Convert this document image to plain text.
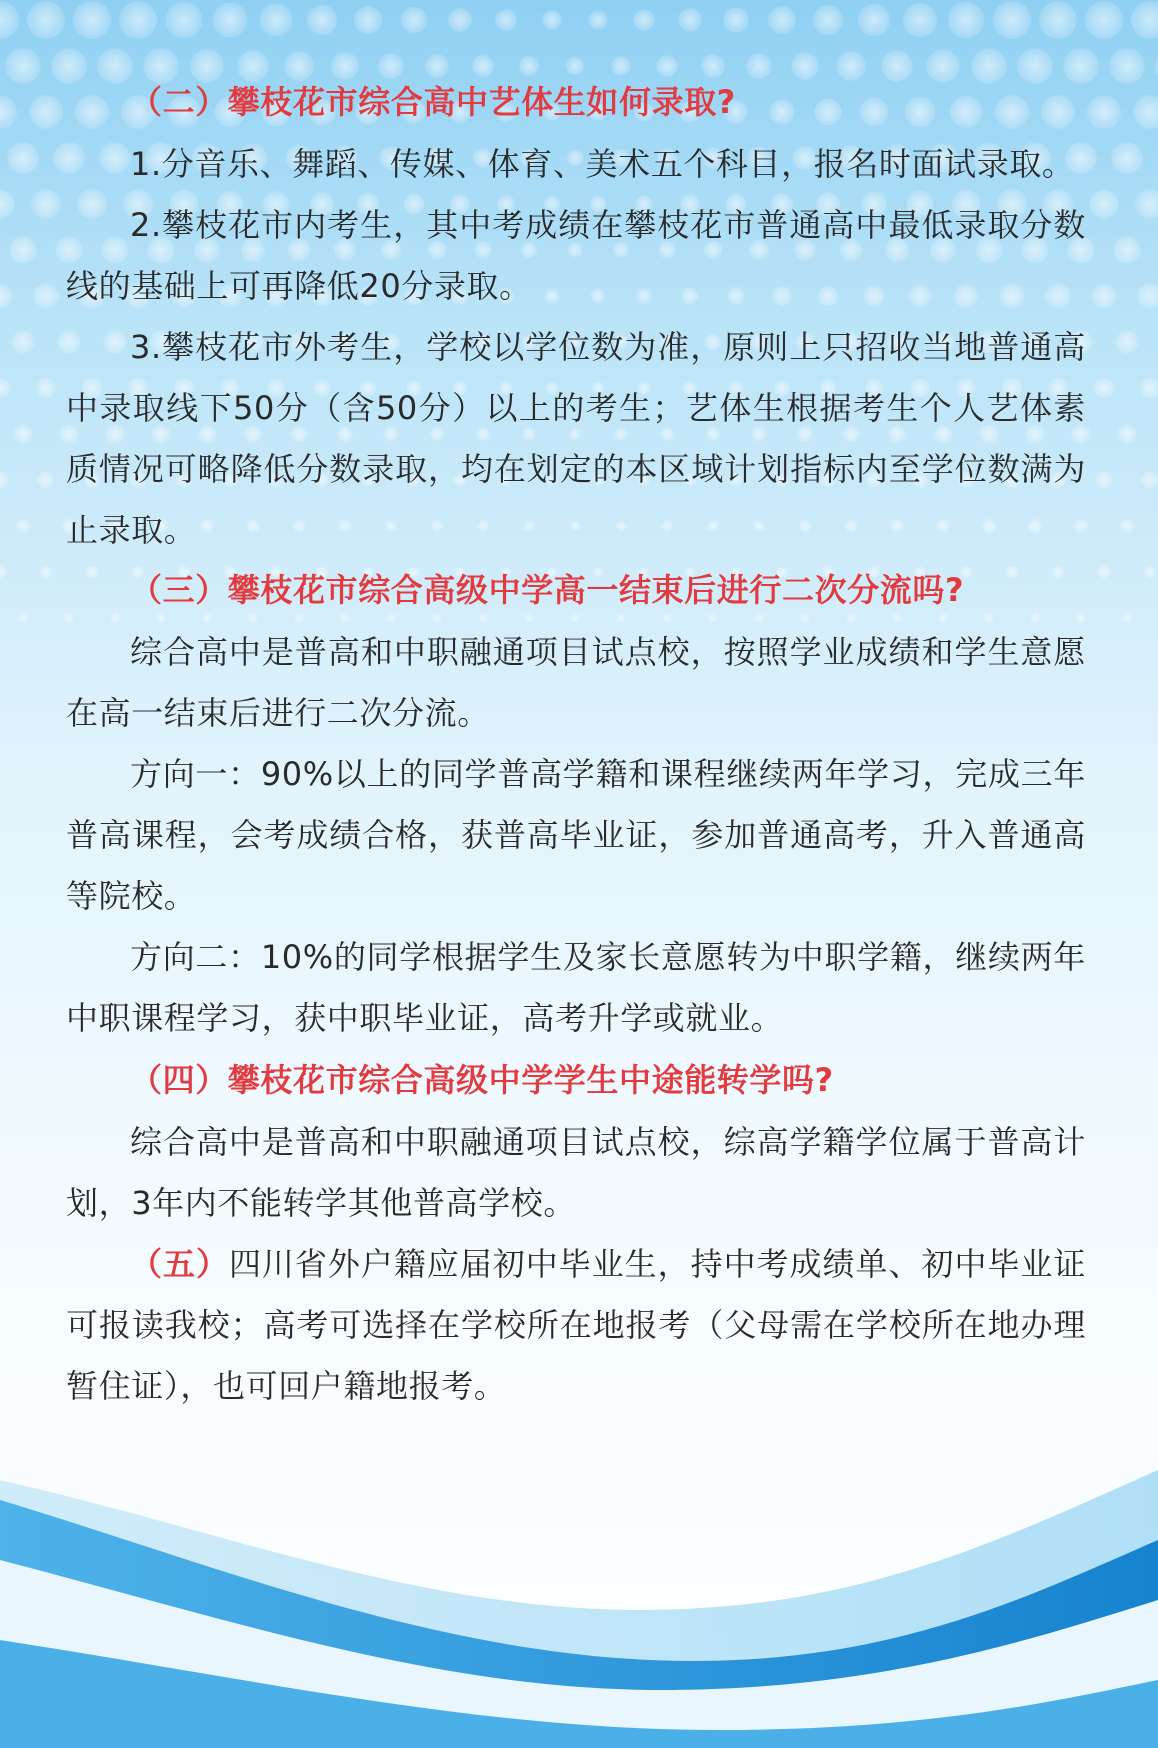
（二）攀枝花市综合高中艺体生如何录取?

1.分音乐、舞蹈、传媒、体育、美术五个科目，报名时面试录取。

2.攀枝花市内考生，其中考成绩在攀枝花市普通高中最低录取分数线的基础上可再降低20分录取。

3.攀枝花市外考生，学校以学位数为准，原则上只招收当地普通高中录取线下50分（含50分）以上的考生；艺体生根据考生个人艺体素质情况可略降低分数录取，均在划定的本区域计划指标内至学位数满为止录取。

（三）攀枝花市综合高级中学高一结束后进行二次分流吗?

综合高中是普高和中职融通项目试点校，按照学业成绩和学生意愿在高一结束后进行二次分流。

方向一：90%以上的同学普高学籍和课程继续两年学习，完成三年普高课程，会考成绩合格，获普高毕业证，参加普通高考，升入普通高等院校。

方向二：10%的同学根据学生及家长意愿转为中职学籍，继续两年中职课程学习，获中职毕业证，高考升学或就业。

（四）攀枝花市综合高级中学学生中途能转学吗?

综合高中是普高和中职融通项目试点校，综高学籍学位属于普高计划，3年内不能转学其他普高学校。

（五）四川省外户籍应届初中毕业生，持中考成绩单、初中毕业证可报读我校；高考可选择在学校所在地报考（父母需在学校所在地办理暂住证），也可回户籍地报考。
